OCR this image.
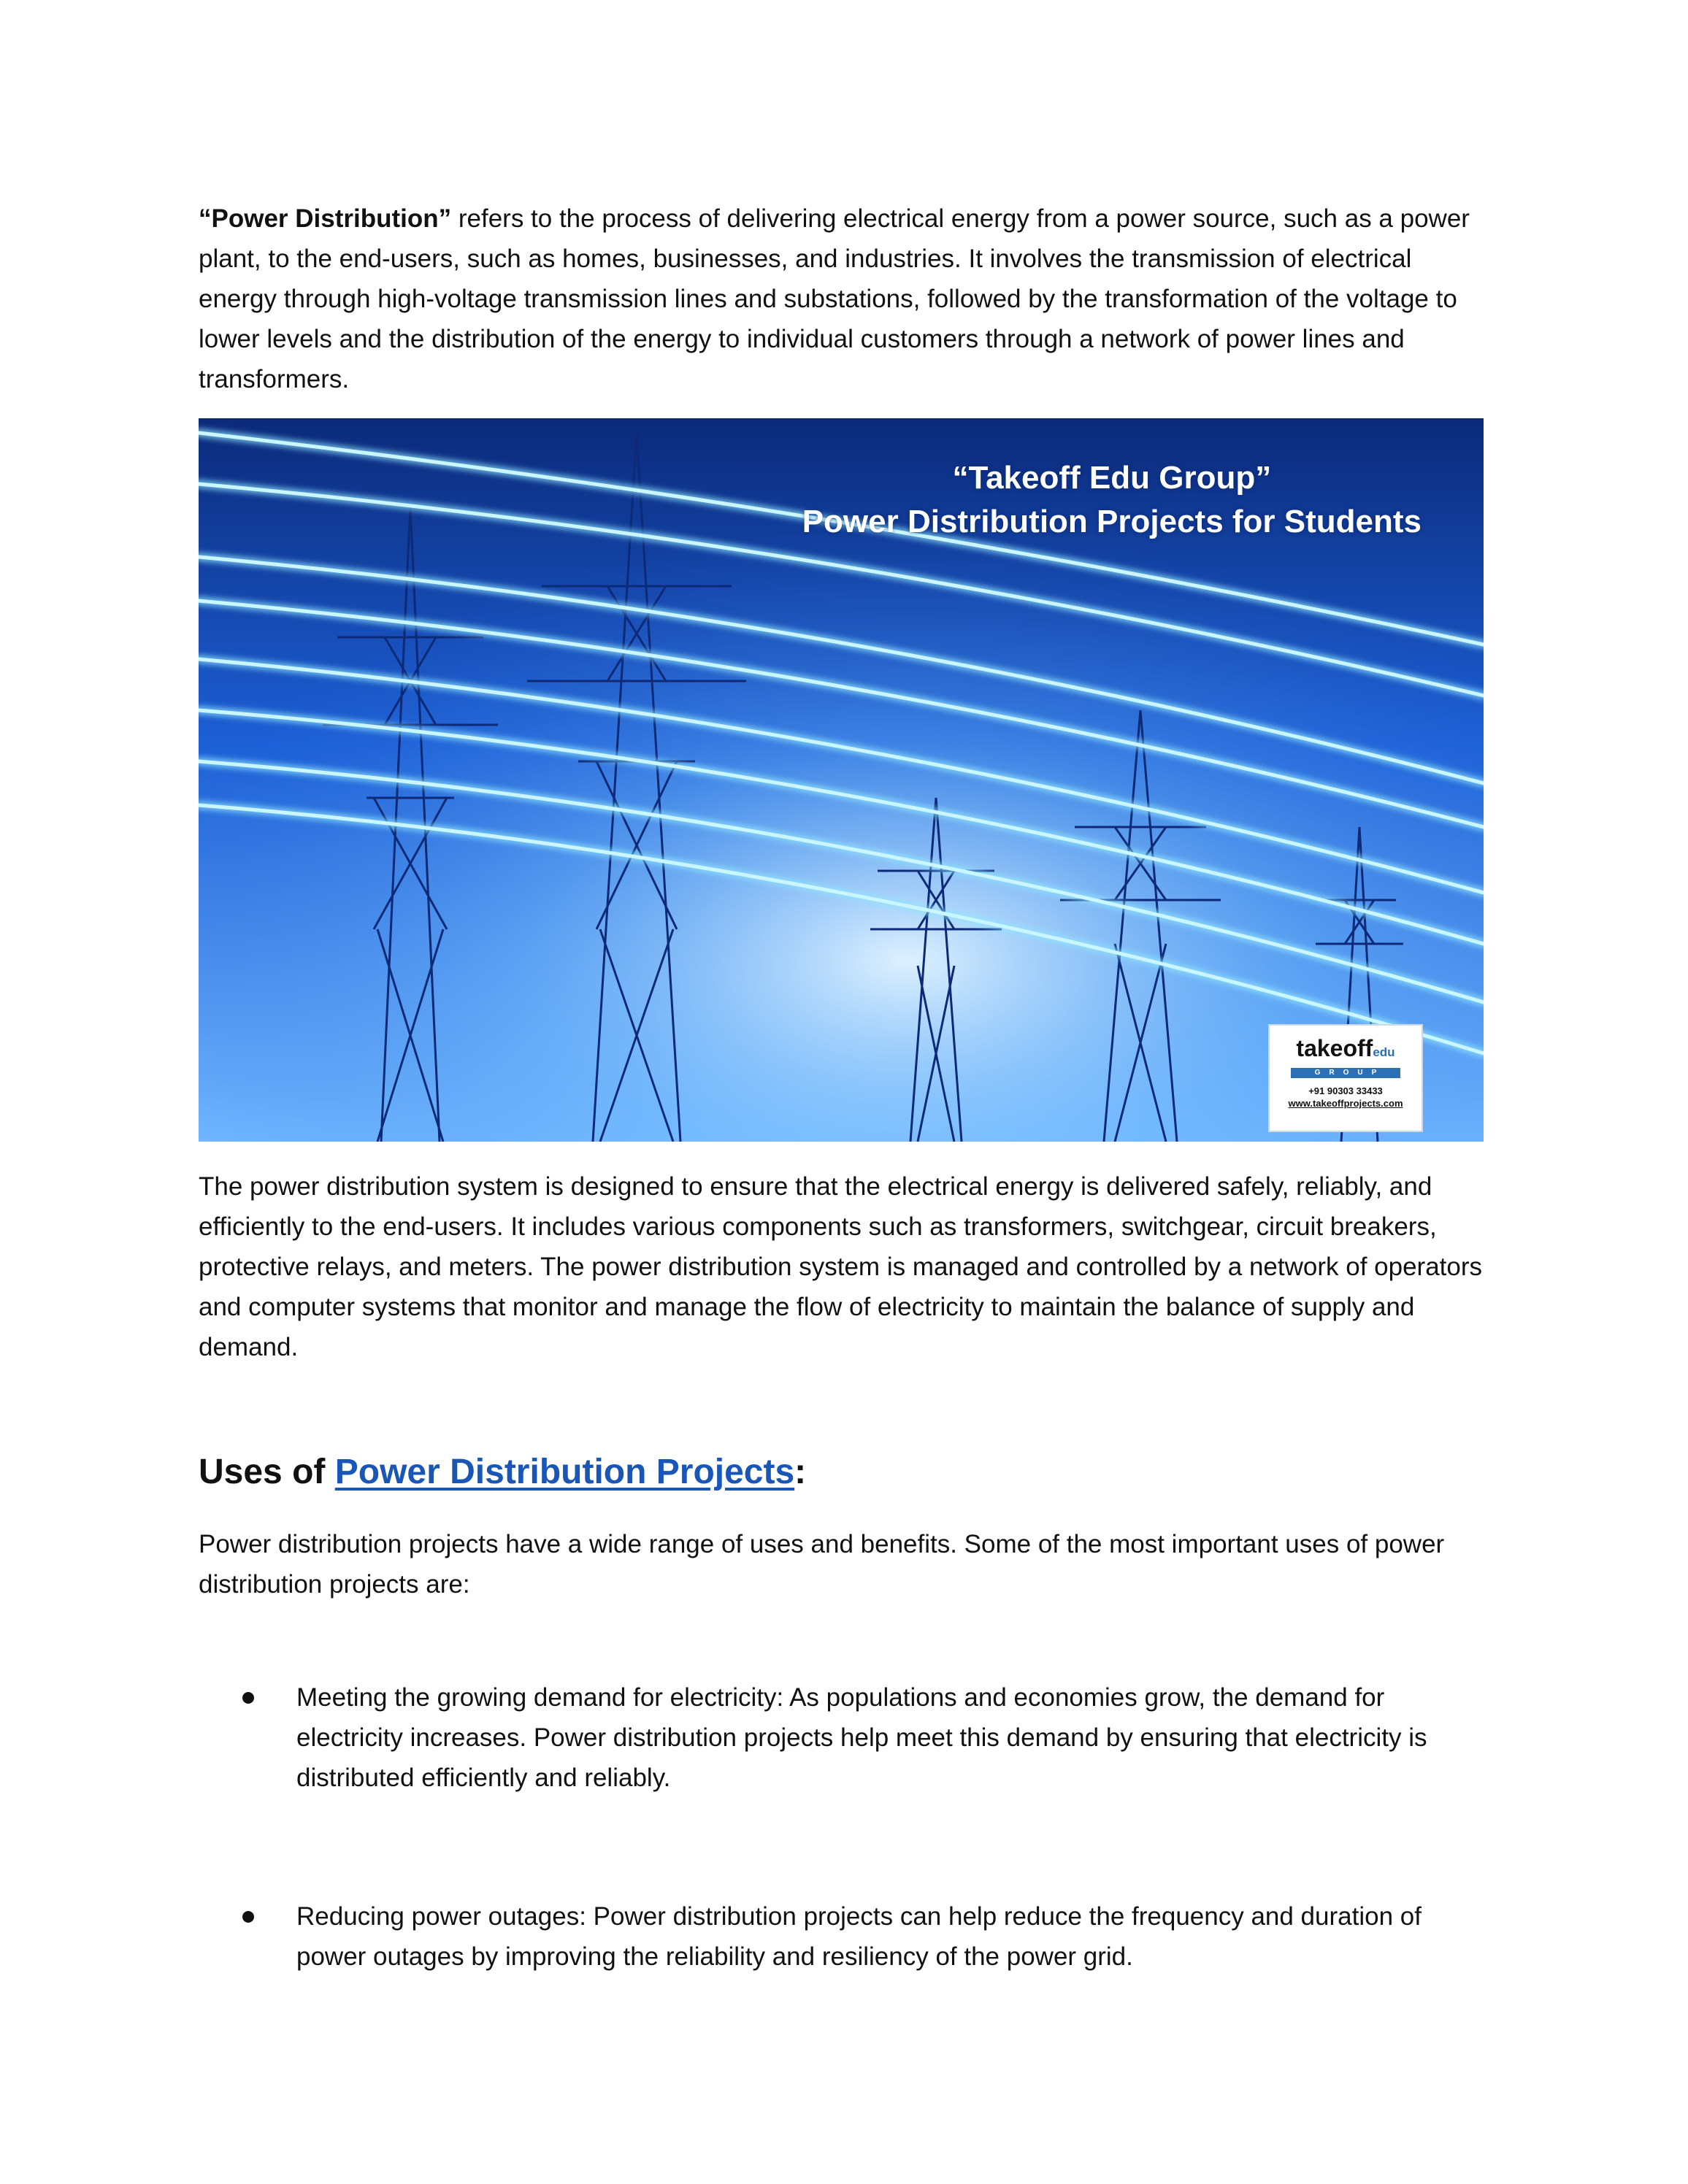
“Power Distribution” refers to the process of delivering electrical energy from a power source, such as a power plant, to the end-users, such as homes, businesses, and industries. It involves the transmission of electrical energy through high-voltage transmission lines and substations, followed by the transformation of the voltage to lower levels and the distribution of the energy to individual customers through a network of power lines and transformers.
“Takeoff Edu Group”
Power Distribution Projects for Students
takeoffedu
GROUP
+91 90303 33433
www.takeoffprojects.com
The power distribution system is designed to ensure that the electrical energy is delivered safely, reliably, and efficiently to the end-users. It includes various components such as transformers, switchgear, circuit breakers, protective relays, and meters. The power distribution system is managed and controlled by a network of operators and computer systems that monitor and manage the flow of electricity to maintain the balance of supply and demand.
Uses of Power Distribution Projects:
Power distribution projects have a wide range of uses and benefits. Some of the most important uses of power distribution projects are:
Meeting the growing demand for electricity: As populations and economies grow, the demand for electricity increases. Power distribution projects help meet this demand by ensuring that electricity is distributed efficiently and reliably.
Reducing power outages: Power distribution projects can help reduce the frequency and duration of power outages by improving the reliability and resiliency of the power grid.
